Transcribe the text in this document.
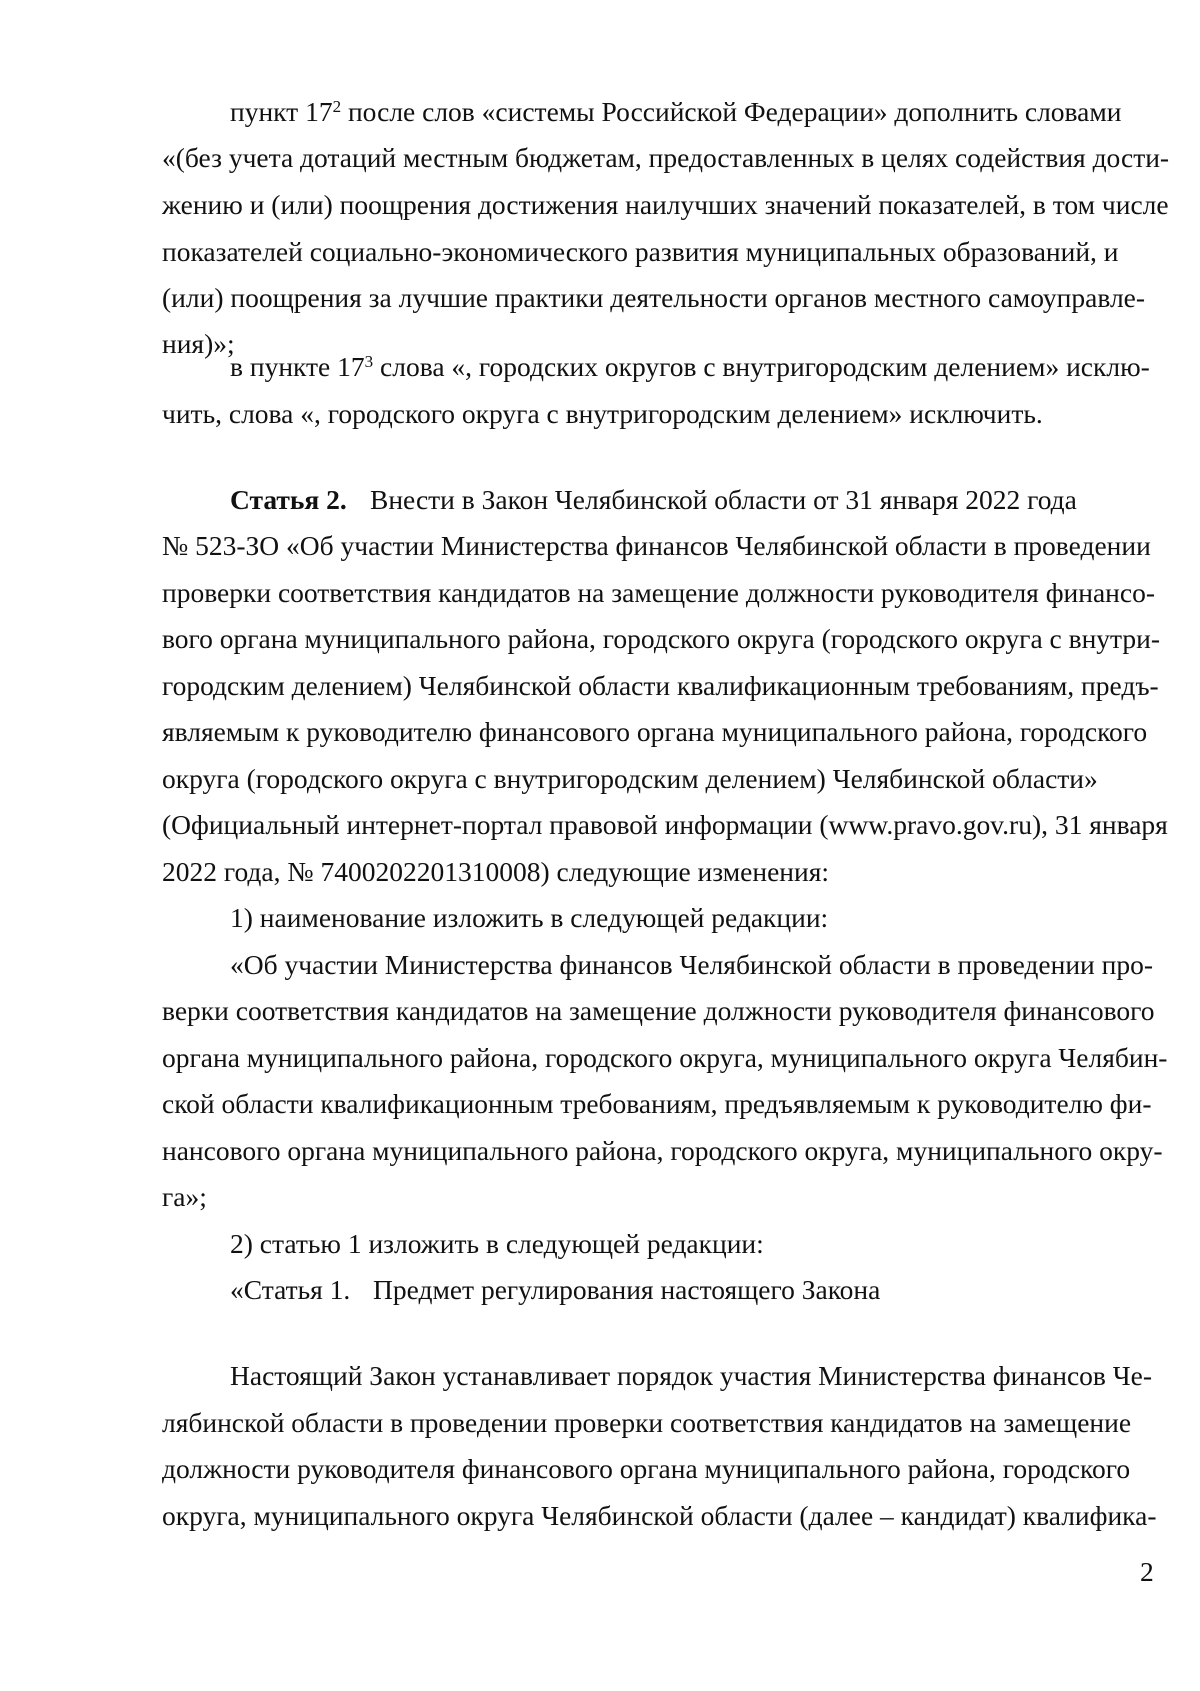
пункт $17^2$ после слов «системы Российской Федерации» дополнить словами
«(без учета дотаций местным бюджетам, предоставленных в целях содействия дости-
жению и (или) поощрения достижения наилучших значений показателей, в том числе
показателей социально-экономического развития муниципальных образований, и
(или) поощрения за лучшие практики деятельности органов местного самоуправле-
ния)»;
в пункте $17^3$ слова «, городских округов с внутригородским делением» исклю-
чить, слова «, городского округа с внутригородским делением» исключить.
Статья 2. Внести в Закон Челябинской области от 31 января 2022 года
№ 523-ЗО «Об участии Министерства финансов Челябинской области в проведении
проверки соответствия кандидатов на замещение должности руководителя финансо-
вого органа муниципального района, городского округа (городского округа с внутри-
городским делением) Челябинской области квалификационным требованиям, предъ-
являемым к руководителю финансового органа муниципального района, городского
округа (городского округа с внутригородским делением) Челябинской области»
(Официальный интернет-портал правовой информации (www.pravo.gov.ru), 31 января
2022 года, № 7400202201310008) следующие изменения:
1) наименование изложить в следующей редакции:
«Об участии Министерства финансов Челябинской области в проведении про-
верки соответствия кандидатов на замещение должности руководителя финансового
органа муниципального района, городского округа, муниципального округа Челябин-
ской области квалификационным требованиям, предъявляемым к руководителю фи-
нансового органа муниципального района, городского округа, муниципального окру-
га»;
2) статью 1 изложить в следующей редакции:
«Статья 1. Предмет регулирования настоящего Закона
Настоящий Закон устанавливает порядок участия Министерства финансов Че-
лябинской области в проведении проверки соответствия кандидатов на замещение
должности руководителя финансового органа муниципального района, городского
округа, муниципального округа Челябинской области (далее – кандидат) квалифика-
2
